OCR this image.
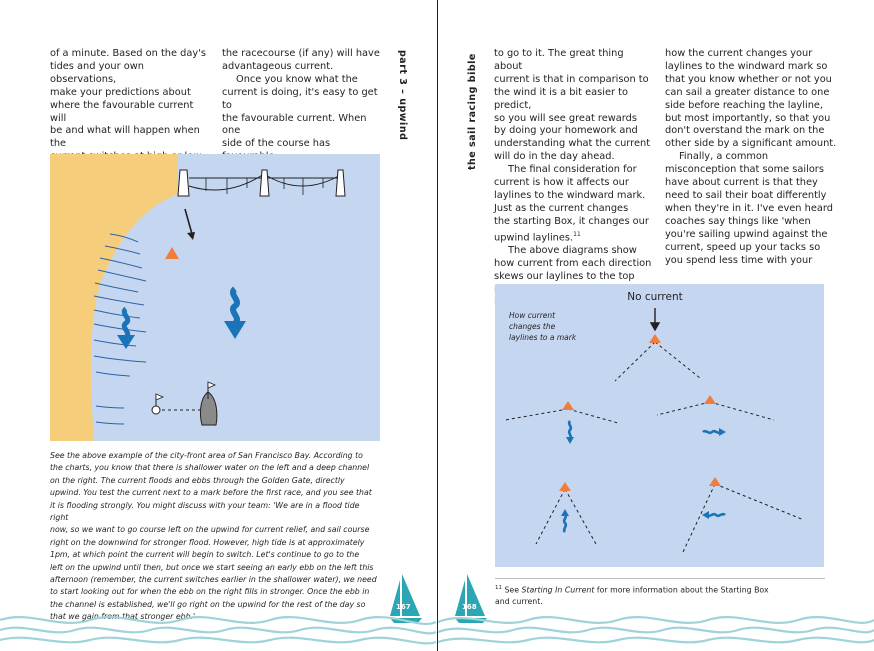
of a minute. Based on the day's

tides and your own observations,

make your predictions about

where the favourable current will

be and what will happen when the

the racecourse (if any) will have

advantageous current.

Once you know what the

current is doing, it's easy to get to

the favourable current. When one

side of the course has

part 3 – upwind
See the above example of the city-front area of San Francisco Bay. According to
the charts, you know that there is shallower water on the left and a deep channel
on the right. The current floods and ebbs through the Golden Gate, directly
upwind. You test the current next to a mark before the first race, and you see that
it is flooding strongly. You might discuss with your team: 'We are in a flood tide right
now, so we want to go course left on the upwind for current relief, and sail course
right on the downwind for stronger flood. However, high tide is at approximately
1pm, at which point the current will begin to switch. Let's continue to go to the
left on the upwind until then, but once we start seeing an early ebb on the left this
afternoon (remember, the current switches earlier in the shallower water), we need
to start looking out for when the ebb on the right fills in stronger. Once the ebb in
the channel is established, we'll go right on the upwind for the rest of the day so
that we gain from that stronger ebb.'
167
the sail racing bible to go to it. The great thing about

current is that in comparison to

the wind it is a bit easier to predict,

so you will see great rewards

by doing your homework and

understanding what the current

will do in the day ahead.

The final consideration for

current is how it affects our

laylines to the windward mark.

Just as the current changes

the starting Box, it changes our

upwind laylines.$^{11}$

The above diagrams show

how current from each direction

skews our laylines to the top

how the current changes your

laylines to the windward mark so

that you know whether or not you

can sail a greater distance to one

side before reaching the layline,

but most importantly, so that you

don't overstand the mark on the

other side by a significant amount.

Finally, a common

misconception that some sailors

have about current is that they

need to sail their boat differently

when they're in it. I've even heard

coaches say things like 'when

you're sailing upwind against the

current, speed up your tacks so

you spend less time with your

No current
How current
changes the
laylines to a mark
$^{11}$ See Starting In Current for more information about the Starting Box
and current.
168
